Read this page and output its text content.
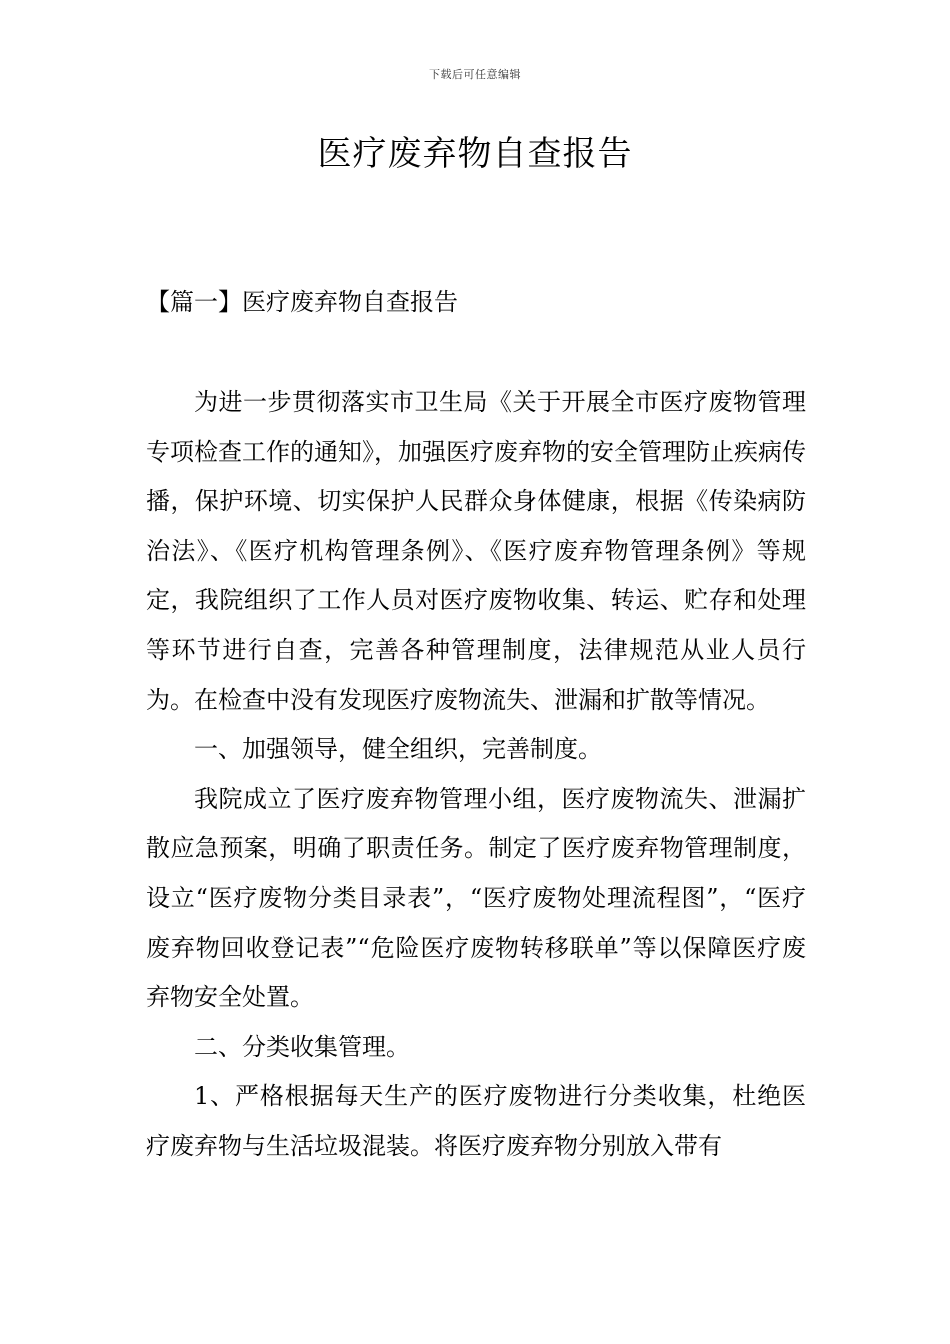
下载后可任意编辑
医疗废弃物自查报告
【篇一】医疗废弃物自查报告

为进一步贯彻落实市卫生局《关于开展全市医疗废物管理专项检查工作的通知》，加强医疗废弃物的安全管理防止疾病传播，保护环境、切实保护人民群众身体健康，根据《传染病防治法》、《医疗机构管理条例》、《医疗废弃物管理条例》等规定，我院组织了工作人员对医疗废物收集、转运、贮存和处理等环节进行自查，完善各种管理制度，法律规范从业人员行为。在检查中没有发现医疗废物流失、泄漏和扩散等情况。

一、加强领导，健全组织，完善制度。

我院成立了医疗废弃物管理小组，医疗废物流失、泄漏扩散应急预案，明确了职责任务。制定了医疗废弃物管理制度，设立“医疗废物分类目录表”，“医疗废物处理流程图”，“医疗废弃物回收登记表”“危险医疗废物转移联单”等以保障医疗废弃物安全处置。

二、分类收集管理。

1、严格根据每天生产的医疗废物进行分类收集，杜绝医疗废弃物与生活垃圾混装。将医疗废弃物分别放入带有
